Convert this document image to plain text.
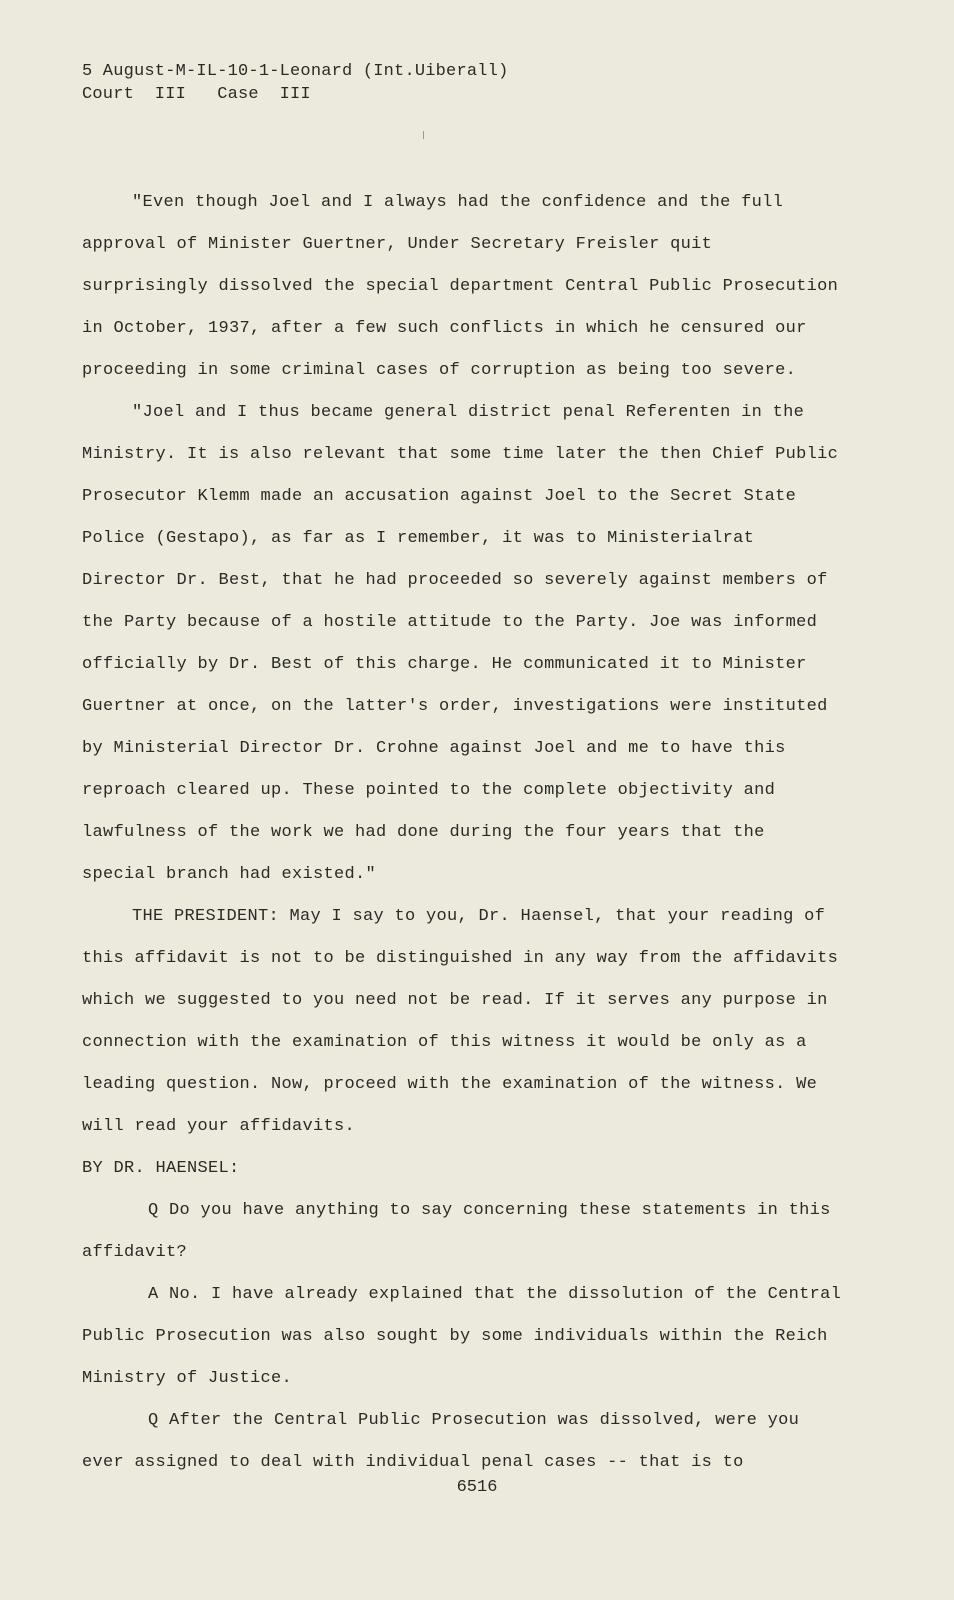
5 August-M-IL-10-1-Leonard (Int.Uiberall)
Court  III   Case  III

"Even though Joel and I always had the confidence and the full approval of Minister Guertner, Under Secretary Freisler quit surprisingly dissolved the special department Central Public Prosecution in October, 1937, after a few such conflicts in which he censured our proceeding in some criminal cases of corruption as being too severe.

"Joel and I thus became general district penal Referenten in the Ministry. It is also relevant that some time later the then Chief Public Prosecutor Klemm made an accusation against Joel to the Secret State Police (Gestapo), as far as I remember, it was to Ministerialrat Director Dr. Best, that he had proceeded so severely against members of the Party because of a hostile attitude to the Party. Joe was informed officially by Dr. Best of this charge. He communicated it to Minister Guertner at once, on the latter's order, investigations were instituted by Ministerial Director Dr. Crohne against Joel and me to have this reproach cleared up. These pointed to the complete objectivity and lawfulness of the work we had done during the four years that the special branch had existed."

THE PRESIDENT: May I say to you, Dr. Haensel, that your reading of this affidavit is not to be distinguished in any way from the affidavits which we suggested to you need not be read. If it serves any purpose in connection with the examination of this witness it would be only as a leading question. Now, proceed with the examination of the witness. We will read your affidavits.

BY DR. HAENSEL:

Q Do you have anything to say concerning these statements in this affidavit?

A No. I have already explained that the dissolution of the Central Public Prosecution was also sought by some individuals within the Reich Ministry of Justice.

Q After the Central Public Prosecution was dissolved, were you ever assigned to deal with individual penal cases -- that is to

6516
